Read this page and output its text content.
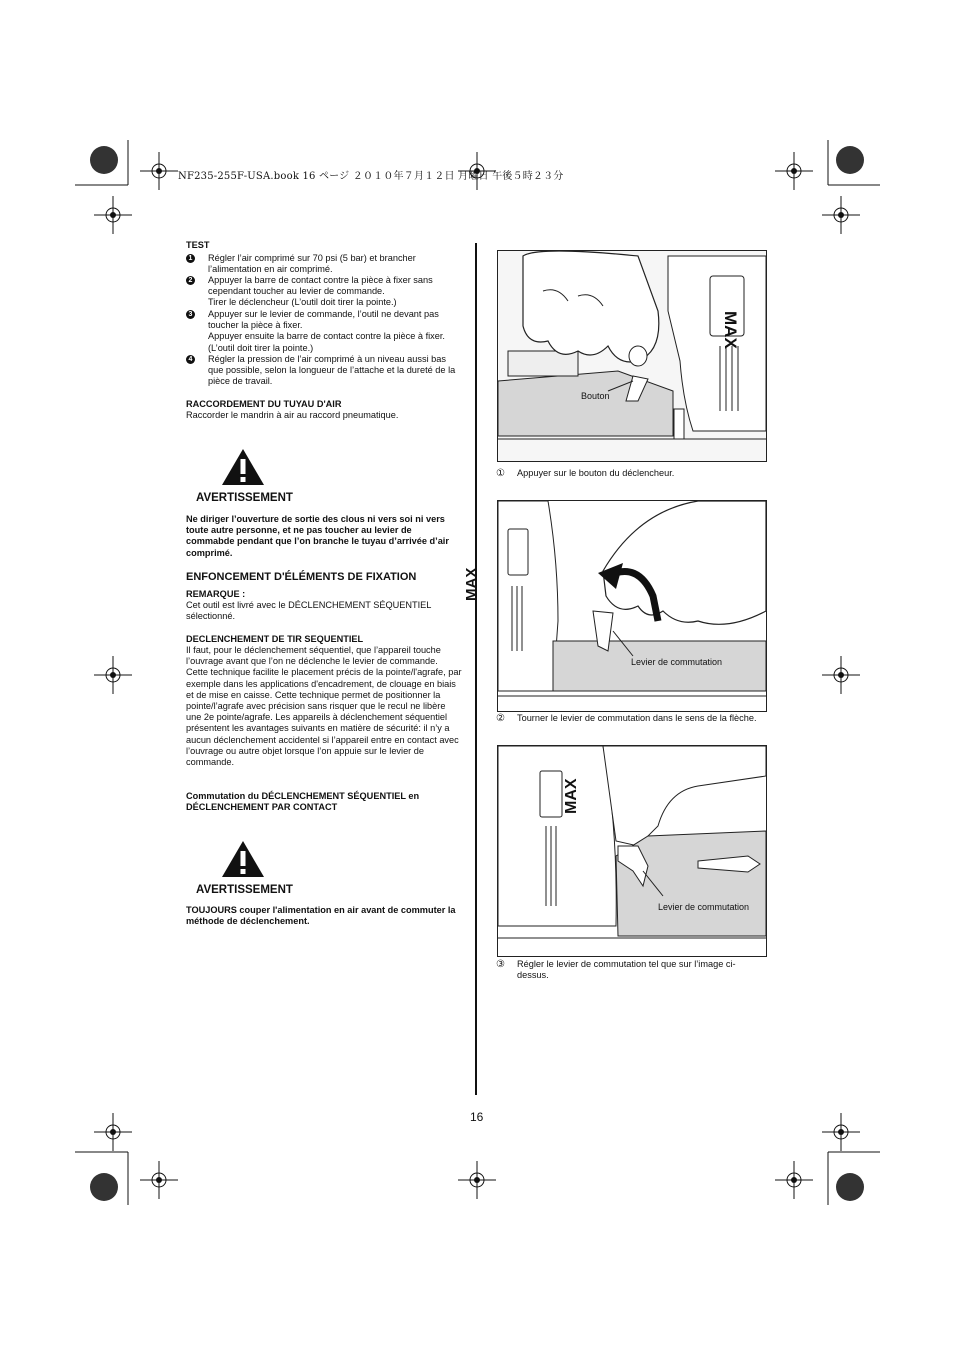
NF235-255F-USA.book 16 ページ ２０１０年７月１２日 月曜日 午後５時２３分
TEST
1 Régler l’air comprimé sur 70 psi (5 bar) et brancher l’alimentation en air comprimé.
2 Appuyer la barre de contact contre la pièce à fixer sans cependant toucher au levier de commande.
Tirer le déclencheur (L’outil doit tirer la pointe.)
3 Appuyer sur le levier de commande, l’outil ne devant pas toucher la pièce à fixer.
Appuyer ensuite la barre de contact contre la pièce à fixer. (L’outil doit tirer la pointe.)
4 Régler la pression de l’air comprimé à un niveau aussi bas que possible, selon la longueur de l’attache et la dureté de la pièce de travail.
RACCORDEMENT DU TUYAU D'AIR
Raccorder le mandrin à air au raccord pneumatique.
AVERTISSEMENT
Ne diriger l’ouverture de sortie des clous ni vers soi ni vers toute autre personne, et ne pas toucher au levier de commabde pendant que l’on branche le tuyau d’arrivée d’air comprimé.
ENFONCEMENT D'ÉLÉMENTS DE FIXATION
REMARQUE :
Cet outil est livré avec le DÉCLENCHEMENT SÉQUENTIEL sélectionné.
DECLENCHEMENT DE TIR SEQUENTIEL
Il faut, pour le déclenchement séquentiel, que l’appareil touche l’ouvrage avant que l’on ne déclenche le levier de commande. Cette technique facilite le placement précis de la pointe/l'agrafe, par exemple dans les applications d'encadrement, de clouage en biais et de mise en caisse. Cette technique permet de positionner la pointe/l’agrafe avec précision sans risquer que le recul ne libère une 2e pointe/agrafe. Les appareils à déclenchement séquentiel présentent les avantages suivants en matière de sécurité: il n’y a aucun déclenchement accidentel si l’appareil entre en contact avec l’ouvrage ou autre objet lorsque l’on appuie sur le levier de commande.
Commutation du DÉCLENCHEMENT SÉQUENTIEL en DÉCLENCHEMENT PAR CONTACT
AVERTISSEMENT
TOUJOURS couper l'alimentation en air avant de commuter la méthode de déclenchement.
MAX
Bouton
① Appuyer sur le bouton du déclencheur.
MAX
Levier de commutation
② Tourner le levier de commutation dans le sens de la flèche.
MAX
Levier de commutation
③ Régler le levier de commutation tel que sur l’image ci-dessus.
16
